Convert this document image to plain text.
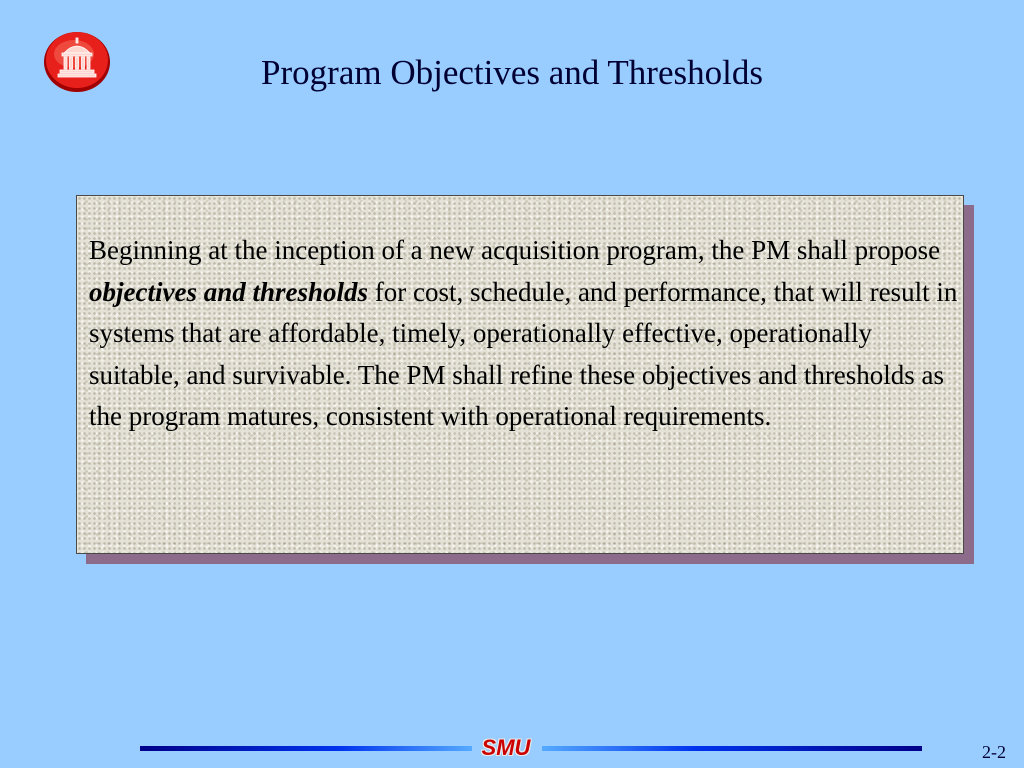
Program Objectives and Thresholds

Beginning at the inception of a new acquisition program, the PM shall propose objectives and thresholds for cost, schedule, and performance, that will result in systems that are affordable, timely, operationally effective, operationally suitable, and survivable. The PM shall refine these objectives and thresholds as the program matures, consistent with operational requirements.

SMU	2-2
